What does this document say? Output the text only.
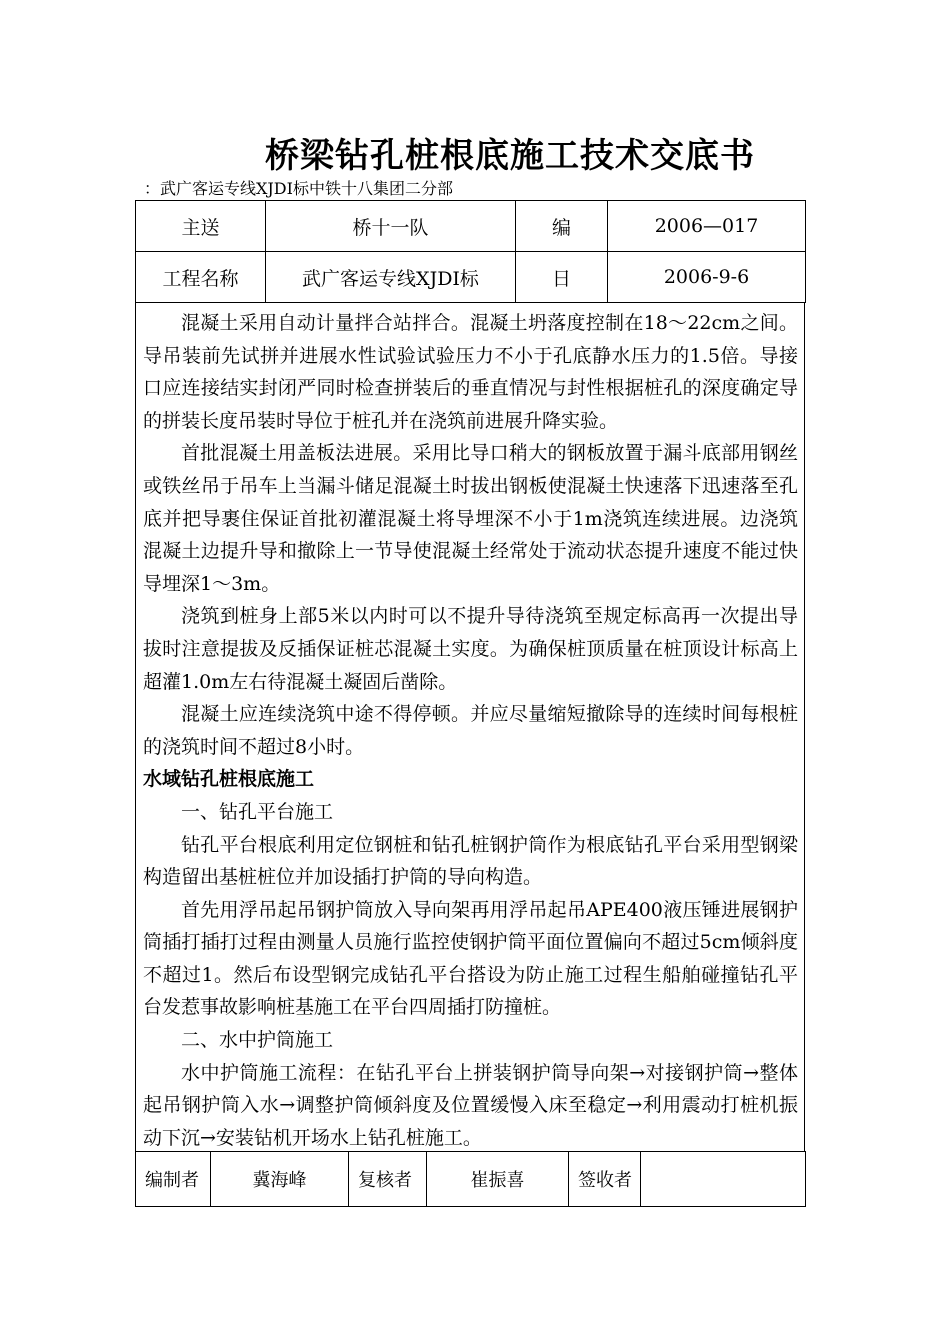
桥梁钻孔桩根底施工技术交底书
：武广客运专线XJDI标中铁十八集团二分部
主送	桥十一队	编	2006—017
工程名称	武广客运专线XJDI标	日	2006-9-6

混凝土采用自动计量拌合站拌合。混凝土坍落度控制在18～22cm之间。导吊装前先试拼并进展水性试验试验压力不小于孔底静水压力的1.5倍。导接口应连接结实封闭严同时检查拼装后的垂直情况与封性根据桩孔的深度确定导的拼装长度吊装时导位于桩孔并在浇筑前进展升降实验。

首批混凝土用盖板法进展。采用比导口稍大的钢板放置于漏斗底部用钢丝或铁丝吊于吊车上当漏斗储足混凝土时拔出钢板使混凝土快速落下迅速落至孔底并把导裹住保证首批初灌混凝土将导埋深不小于1m浇筑连续进展。边浇筑混凝土边提升导和撤除上一节导使混凝土经常处于流动状态提升速度不能过快导埋深1～3m。

浇筑到桩身上部5米以内时可以不提升导待浇筑至规定标高再一次提出导拔时注意提拔及反插保证桩芯混凝土实度。为确保桩顶质量在桩顶设计标高上超灌1.0m左右待混凝土凝固后凿除。

混凝土应连续浇筑中途不得停顿。并应尽量缩短撤除导的连续时间每根桩的浇筑时间不超过8小时。

水域钻孔桩根底施工

一、钻孔平台施工

钻孔平台根底利用定位钢桩和钻孔桩钢护筒作为根底钻孔平台采用型钢梁构造留出基桩桩位并加设插打护筒的导向构造。

首先用浮吊起吊钢护筒放入导向架再用浮吊起吊APE400液压锤进展钢护筒插打插打过程由测量人员施行监控使钢护筒平面位置偏向不超过5cm倾斜度不超过1。然后布设型钢完成钻孔平台搭设为防止施工过程生船舶碰撞钻孔平台发惹事故影响桩基施工在平台四周插打防撞桩。

二、水中护筒施工

水中护筒施工流程：在钻孔平台上拼装钢护筒导向架→对接钢护筒→整体起吊钢护筒入水→调整护筒倾斜度及位置缓慢入床至稳定→利用震动打桩机振动下沉→安装钻机开场水上钻孔桩施工。

编制者	冀海峰	复核者	崔振喜	签收者	
